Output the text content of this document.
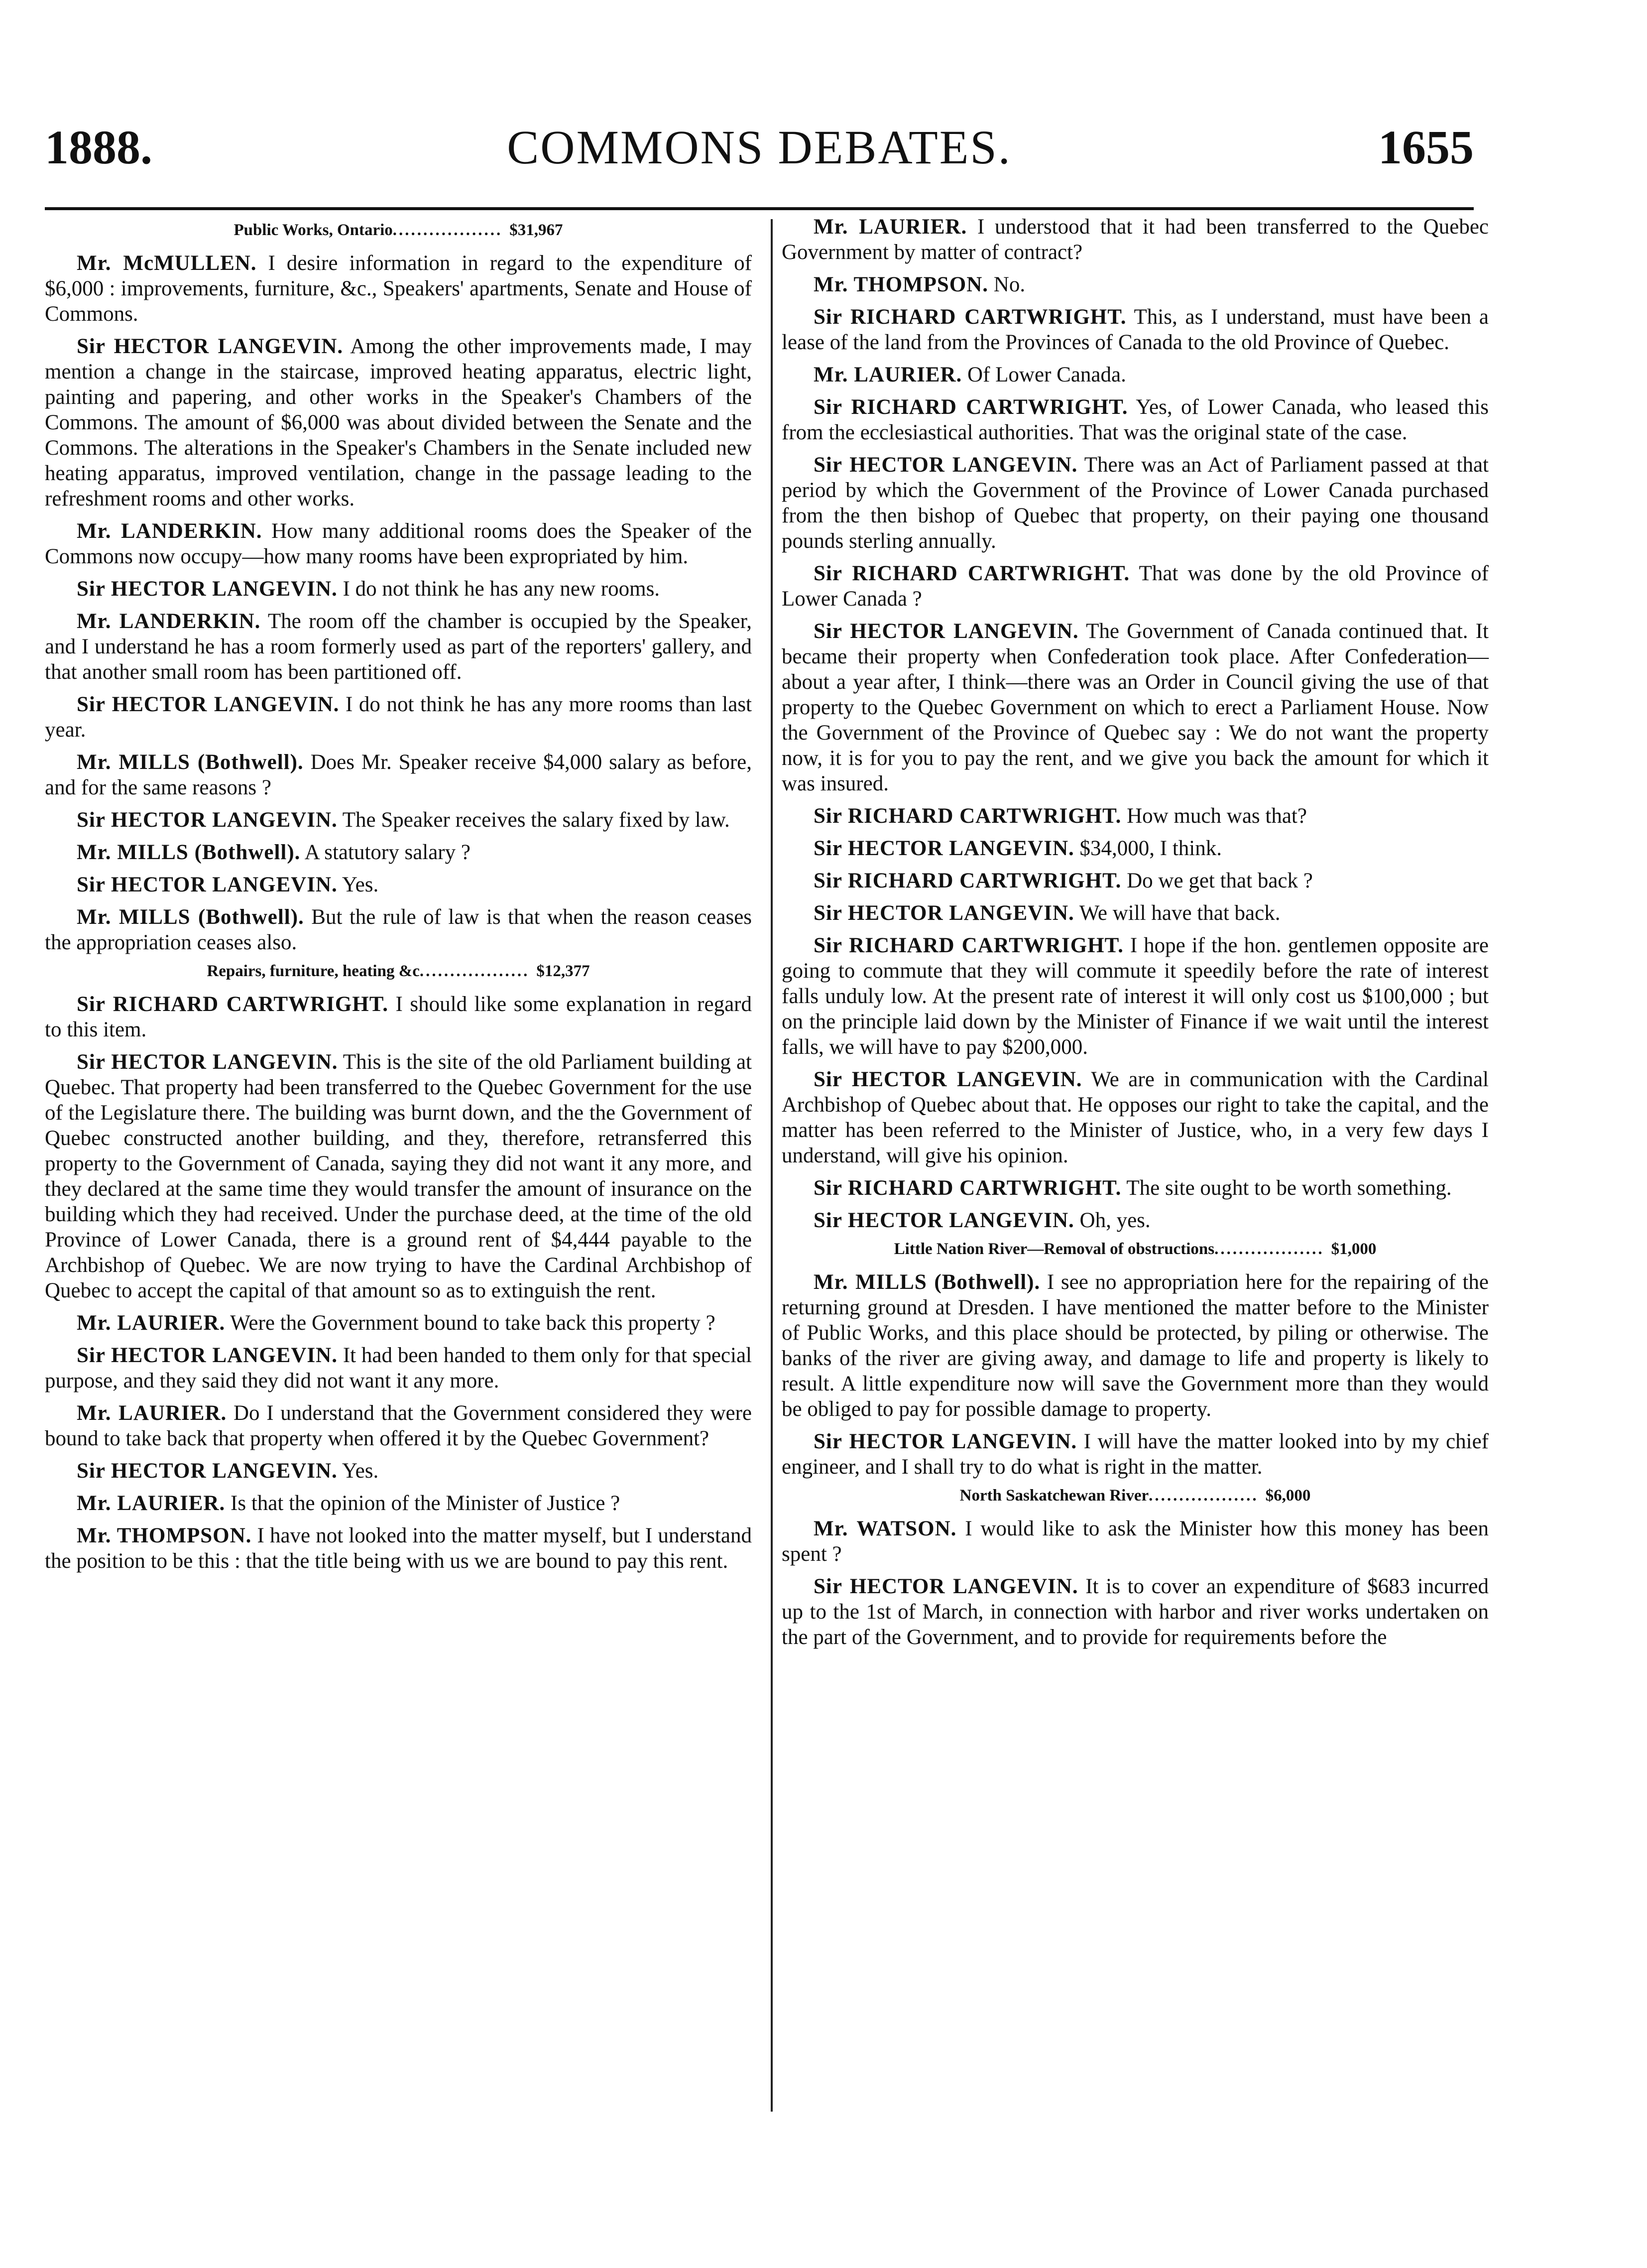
1888.	COMMONS DEBATES.	1655
Public Works, Ontario.................. $31,967

Mr. McMULLEN. I desire information in regard to the expenditure of $6,000 : improvements, furniture, &c., Speakers' apartments, Senate and House of Commons.

Sir HECTOR LANGEVIN. Among the other improvements made, I may mention a change in the staircase, improved heating apparatus, electric light, painting and papering, and other works in the Speaker's Chambers of the Commons. The amount of $6,000 was about divided between the Senate and the Commons. The alterations in the Speaker's Chambers in the Senate included new heating apparatus, improved ventilation, change in the passage leading to the refreshment rooms and other works.

Mr. LANDERKIN. How many additional rooms does the Speaker of the Commons now occupy—how many rooms have been expropriated by him.

Sir HECTOR LANGEVIN. I do not think he has any new rooms.

Mr. LANDERKIN. The room off the chamber is occupied by the Speaker, and I understand he has a room formerly used as part of the reporters' gallery, and that another small room has been partitioned off.

Sir HECTOR LANGEVIN. I do not think he has any more rooms than last year.

Mr. MILLS (Bothwell). Does Mr. Speaker receive $4,000 salary as before, and for the same reasons ?

Sir HECTOR LANGEVIN. The Speaker receives the salary fixed by law.

Mr. MILLS (Bothwell). A statutory salary ?

Sir HECTOR LANGEVIN. Yes.

Mr. MILLS (Bothwell). But the rule of law is that when the reason ceases the appropriation ceases also.

Repairs, furniture, heating &c.................. $12,377

Sir RICHARD CARTWRIGHT. I should like some explanation in regard to this item.

Sir HECTOR LANGEVIN. This is the site of the old Parliament building at Quebec. That property had been transferred to the Quebec Government for the use of the Legislature there. The building was burnt down, and the the Government of Quebec constructed another building, and they, therefore, retransferred this property to the Government of Canada, saying they did not want it any more, and they declared at the same time they would transfer the amount of insurance on the building which they had received. Under the purchase deed, at the time of the old Province of Lower Canada, there is a ground rent of $4,444 payable to the Archbishop of Quebec. We are now trying to have the Cardinal Archbishop of Quebec to accept the capital of that amount so as to extinguish the rent.

Mr. LAURIER. Were the Government bound to take back this property ?

Sir HECTOR LANGEVIN. It had been handed to them only for that special purpose, and they said they did not want it any more.

Mr. LAURIER. Do I understand that the Government considered they were bound to take back that property when offered it by the Quebec Government?

Sir HECTOR LANGEVIN. Yes.

Mr. LAURIER. Is that the opinion of the Minister of Justice ?

Mr. THOMPSON. I have not looked into the matter myself, but I understand the position to be this : that the title being with us we are bound to pay this rent.

Mr. LAURIER. I understood that it had been transferred to the Quebec Government by matter of contract?

Mr. THOMPSON. No.

Sir RICHARD CARTWRIGHT. This, as I understand, must have been a lease of the land from the Provinces of Canada to the old Province of Quebec.

Mr. LAURIER. Of Lower Canada.

Sir RICHARD CARTWRIGHT. Yes, of Lower Canada, who leased this from the ecclesiastical authorities. That was the original state of the case.

Sir HECTOR LANGEVIN. There was an Act of Parliament passed at that period by which the Government of the Province of Lower Canada purchased from the then bishop of Quebec that property, on their paying one thousand pounds sterling annually.

Sir RICHARD CARTWRIGHT. That was done by the old Province of Lower Canada ?

Sir HECTOR LANGEVIN. The Government of Canada continued that. It became their property when Confederation took place. After Confederation—about a year after, I think—there was an Order in Council giving the use of that property to the Quebec Government on which to erect a Parliament House. Now the Government of the Province of Quebec say : We do not want the property now, it is for you to pay the rent, and we give you back the amount for which it was insured.

Sir RICHARD CARTWRIGHT. How much was that?

Sir HECTOR LANGEVIN. $34,000, I think.

Sir RICHARD CARTWRIGHT. Do we get that back ?

Sir HECTOR LANGEVIN. We will have that back.

Sir RICHARD CARTWRIGHT. I hope if the hon. gentlemen opposite are going to commute that they will commute it speedily before the rate of interest falls unduly low. At the present rate of interest it will only cost us $100,000 ; but on the principle laid down by the Minister of Finance if we wait until the interest falls, we will have to pay $200,000.

Sir HECTOR LANGEVIN. We are in communication with the Cardinal Archbishop of Quebec about that. He opposes our right to take the capital, and the matter has been referred to the Minister of Justice, who, in a very few days I understand, will give his opinion.

Sir RICHARD CARTWRIGHT. The site ought to be worth something.

Sir HECTOR LANGEVIN. Oh, yes.

Little Nation River—Removal of obstructions.................. $1,000

Mr. MILLS (Bothwell). I see no appropriation here for the repairing of the returning ground at Dresden. I have mentioned the matter before to the Minister of Public Works, and this place should be protected, by piling or otherwise. The banks of the river are giving away, and damage to life and property is likely to result. A little expenditure now will save the Government more than they would be obliged to pay for possible damage to property.

Sir HECTOR LANGEVIN. I will have the matter looked into by my chief engineer, and I shall try to do what is right in the matter.

North Saskatchewan River.................. $6,000

Mr. WATSON. I would like to ask the Minister how this money has been spent ?

Sir HECTOR LANGEVIN. It is to cover an expenditure of $683 incurred up to the 1st of March, in connection with harbor and river works undertaken on the part of the Government, and to provide for requirements before the
